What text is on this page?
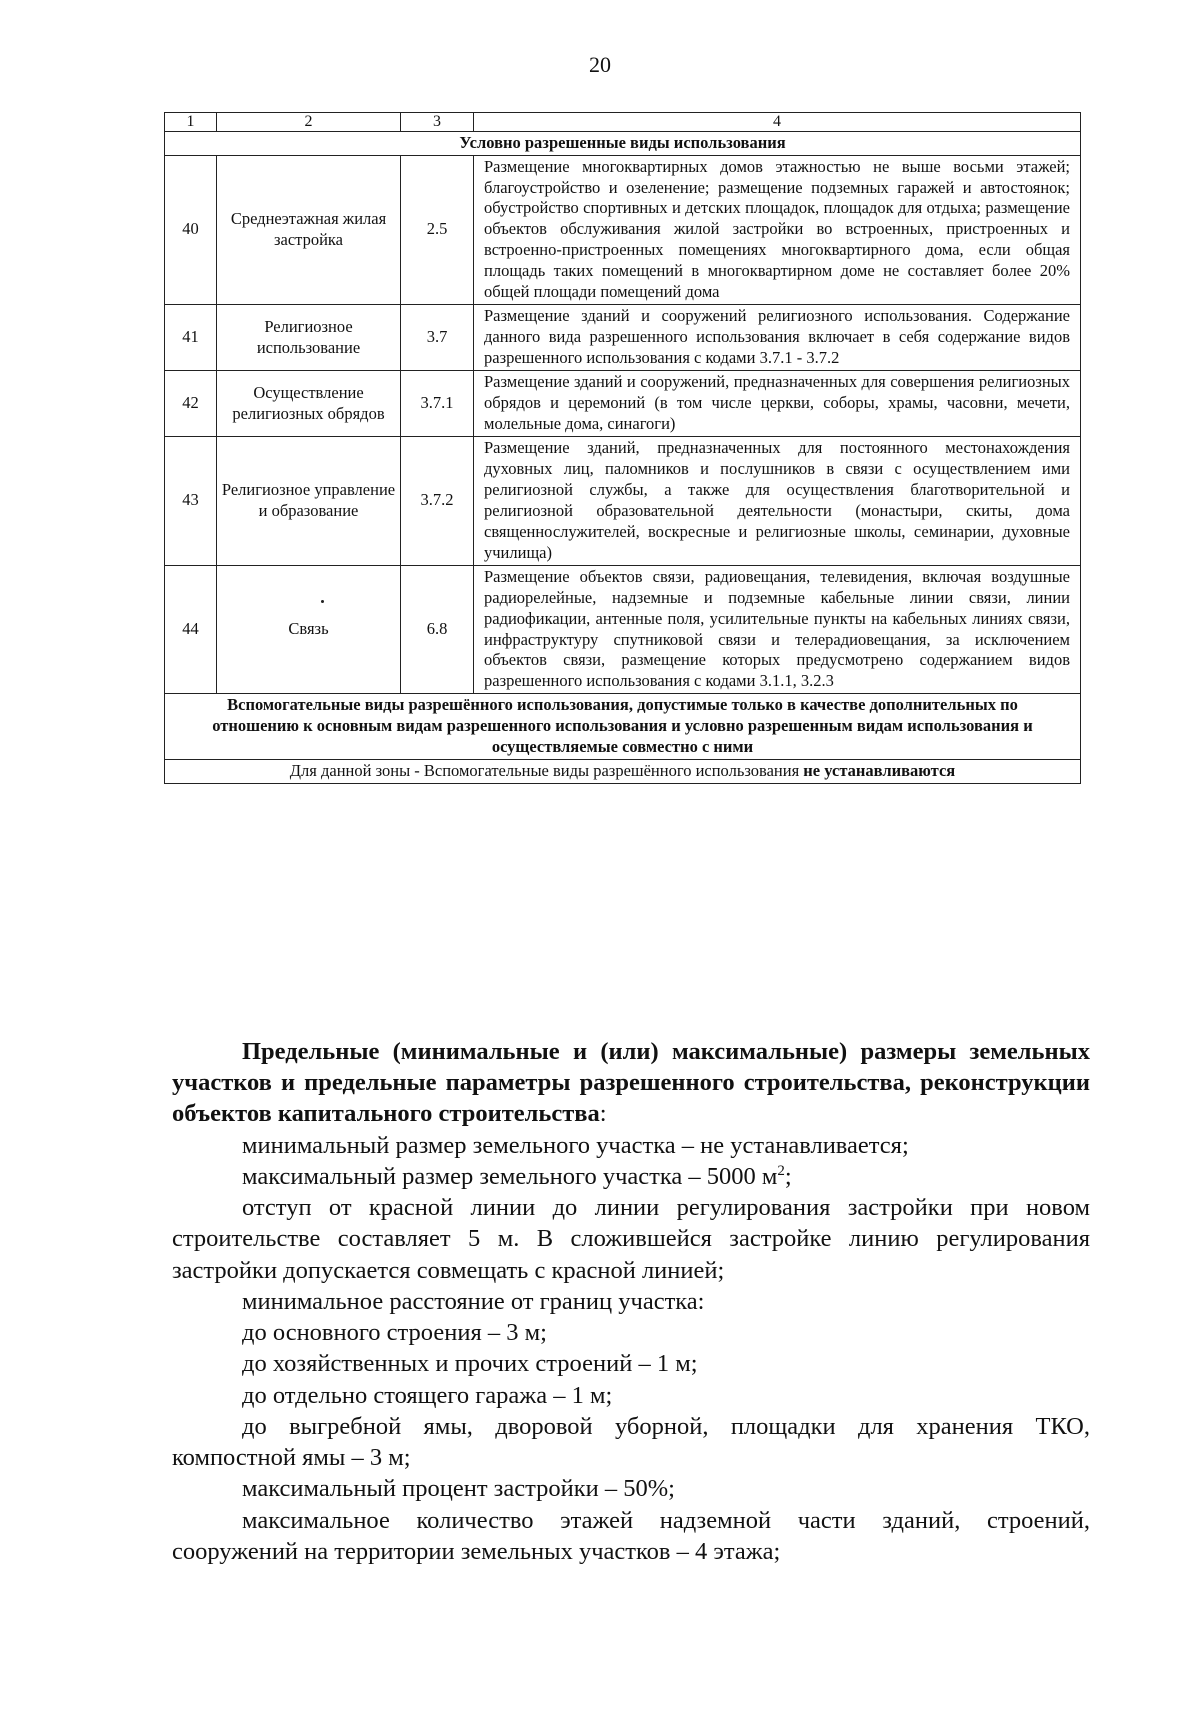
20
1	2	3	4
Условно разрешенные виды использования			
40	Среднеэтажная жилая застройка	2.5	Размещение многоквартирных домов этажностью не выше восьми этажей; благоустройство и озеленение; размещение подземных гаражей и автостоянок; обустройство спортивных и детских площадок, площадок для отдыха; размещение объектов обслуживания жилой застройки во встроенных, пристроенных и встроенно-пристроенных помещениях многоквартирного дома, если общая площадь таких помещений в многоквартирном доме не составляет более 20% общей площади помещений дома
41	Религиозное использование	3.7	Размещение зданий и сооружений религиозного использования. Содержание данного вида разрешенного использования включает в себя содержание видов разрешенного использования с кодами 3.7.1 - 3.7.2
42	Осуществление религиозных обрядов	3.7.1	Размещение зданий и сооружений, предназначенных для совершения религиозных обрядов и церемоний (в том числе церкви, соборы, храмы, часовни, мечети, молельные дома, синагоги)
43	Религиозное управление и образование	3.7.2	Размещение зданий, предназначенных для постоянного местонахождения духовных лиц, паломников и послушников в связи с осуществлением ими религиозной службы, а также для осуществления благотворительной и религиозной образовательной деятельности (монастыри, скиты, дома священнослужителей, воскресные и религиозные школы, семинарии, духовные училища)
44	Связь	6.8	Размещение объектов связи, радиовещания, телевидения, включая воздушные радиорелейные, надземные и подземные кабельные линии связи, линии радиофикации, антенные поля, усилительные пункты на кабельных линиях связи, инфраструктуру спутниковой связи и телерадиовещания, за исключением объектов связи, размещение которых предусмотрено содержанием видов разрешенного использования с кодами 3.1.1, 3.2.3
Вспомогательные виды разрешённого использования, допустимые только в качестве дополнительных по отношению к основным видам разрешенного использования и условно разрешенным видам использования и осуществляемые совместно с ними			
Для данной зоны - Вспомогательные виды разрешённого использования не устанавливаются			

Предельные (минимальные и (или) максимальные) размеры земельных участков и предельные параметры разрешенного строительства, реконструкции объектов капитального строительства:

минимальный размер земельного участка – не устанавливается;

максимальный размер земельного участка – 5000 $м^2$;

отступ от красной линии до линии регулирования застройки при новом строительстве составляет 5 м. В сложившейся застройке линию регулирования застройки допускается совмещать с красной линией;

минимальное расстояние от границ участка:

до основного строения – 3 м;

до хозяйственных и прочих строений – 1 м;

до отдельно стоящего гаража – 1 м;

до выгребной ямы, дворовой уборной, площадки для хранения ТКО, компостной ямы – 3 м;

максимальный процент застройки – 50%;

максимальное количество этажей надземной части зданий, строений, сооружений на территории земельных участков – 4 этажа;
